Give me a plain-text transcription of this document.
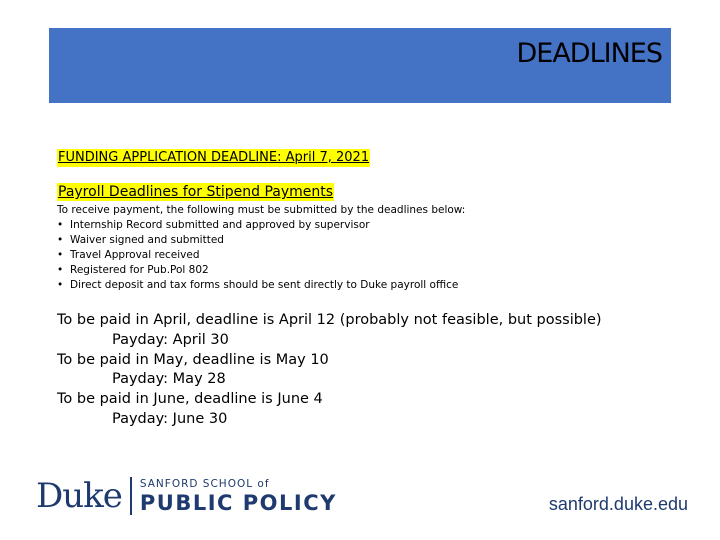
DEADLINES
FUNDING APPLICATION DEADLINE: April 7, 2021
Payroll Deadlines for Stipend Payments
To receive payment, the following must be submitted by the deadlines below:
• Internship Record submitted and approved by supervisor
• Waiver signed and submitted
• Travel Approval received
• Registered for Pub.Pol 802
• Direct deposit and tax forms should be sent directly to Duke payroll office
To be paid in April, deadline is April 12 (probably not feasible, but possible)
Payday: April 30
To be paid in May, deadline is May 10
Payday: May 28
To be paid in June, deadline is June 4
Payday: June 30
Duke SANFORD SCHOOL of
PUBLIC POLICY	sanford.duke.edu
